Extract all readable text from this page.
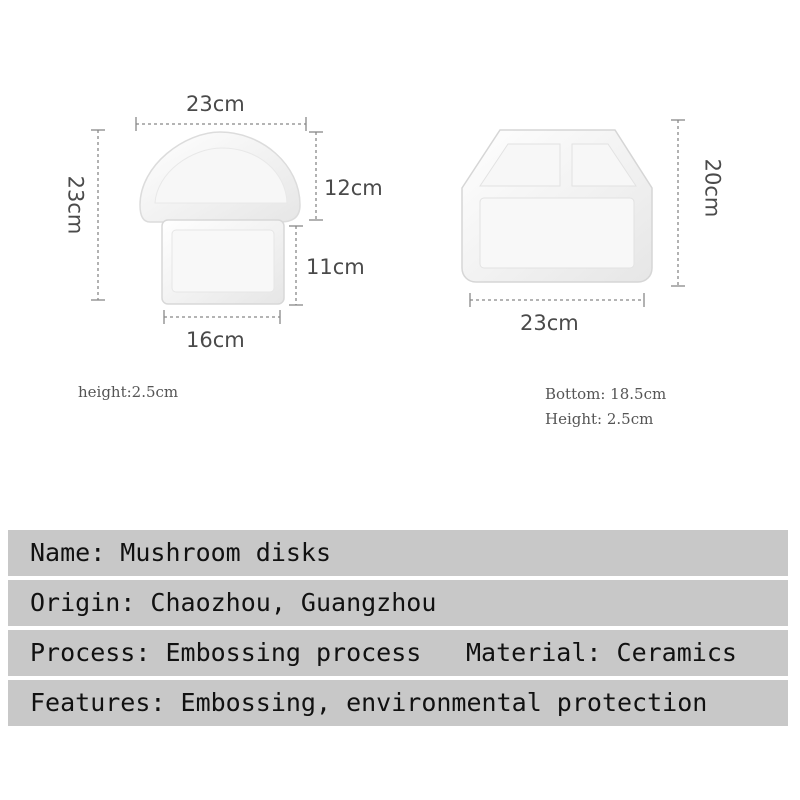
23cm
23cm	12cm
11cm
16cm
height:2.5cm
20cm
23cm
Bottom: 18.5cm
Height: 2.5cm
Name: Mushroom disks
Origin: Chaozhou, Guangzhou
Process: Embossing process Material: Ceramics
Features: Embossing, environmental protection
